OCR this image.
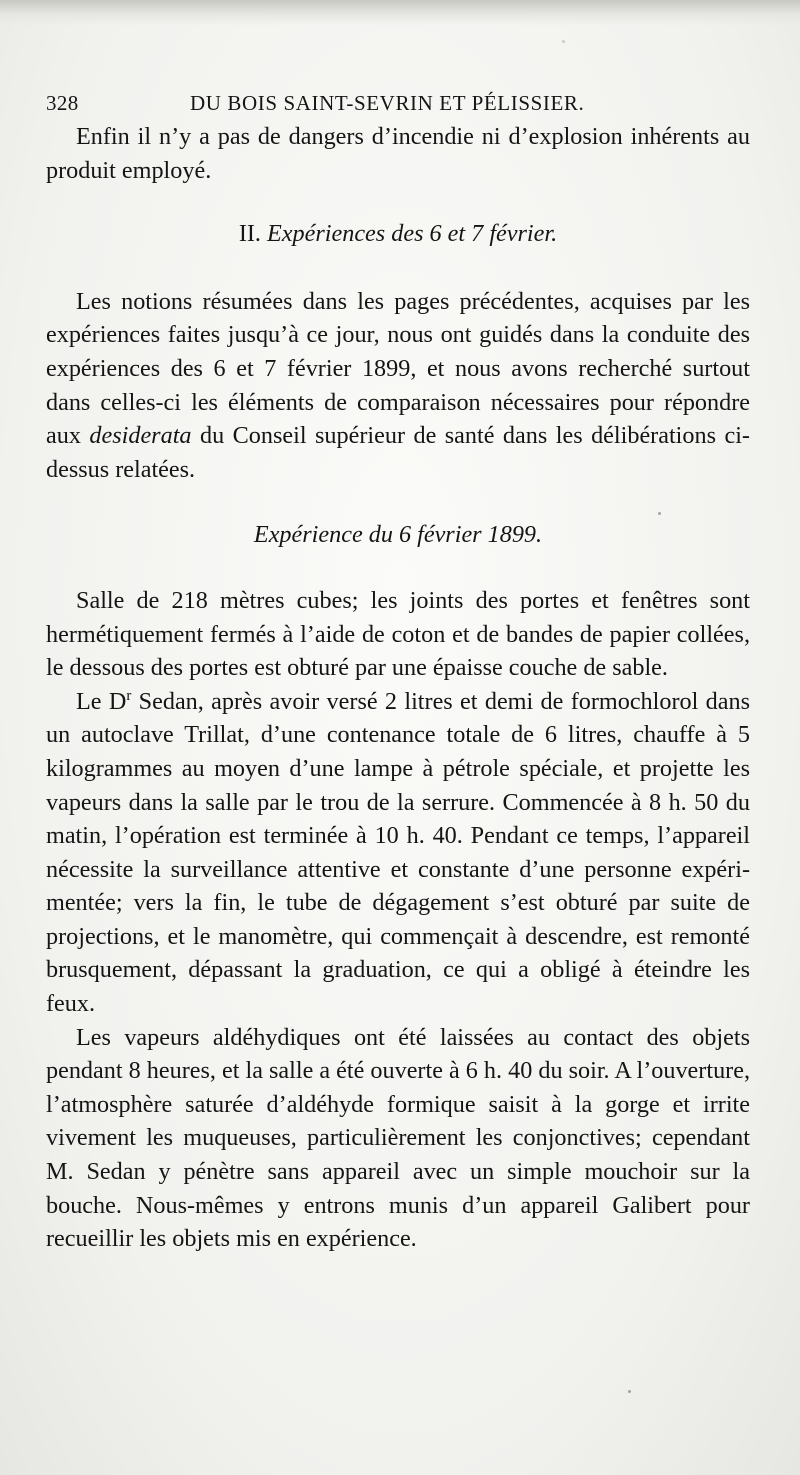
328	DU BOIS SAINT-SEVRIN ET PÉLISSIER.

Enfin il n’y a pas de dangers d’incendie ni d’explosion inhérents au produit employé.

II. Expériences des 6 et 7 février.

Les notions résumées dans les pages précédentes, acquises par les expériences faites jusqu’à ce jour, nous ont guidés dans la conduite des expériences des 6 et 7 février 1899, et nous avons recherché surtout dans celles-ci les éléments de comparaison nécessaires pour répondre aux desiderata du Conseil supérieur de santé dans les délibérations ci-dessus relatées.

Expérience du 6 février 1899.

Salle de 218 mètres cubes; les joints des portes et fenêtres sont hermétiquement fermés à l’aide de coton et de bandes de papier collées, le dessous des portes est obturé par une épaisse couche de sable.

Le $D^r$ Sedan, après avoir versé 2 litres et demi de formochlorol dans un autoclave Trillat, d’une contenance totale de 6 litres, chauffe à 5 kilogrammes au moyen d’une lampe à pétrole spéciale, et projette les vapeurs dans la salle par le trou de la serrure. Commencée à 8 h. 50 du matin, l’opération est terminée à 10 h. 40. Pendant ce temps, l’appareil nécessite la surveillance attentive et constante d’une personne expérimentée; vers la fin, le tube de dégagement s’est obturé par suite de projections, et le manomètre, qui commençait à descendre, est remonté brusquement, dépassant la graduation, ce qui a obligé à éteindre les feux.

Les vapeurs aldéhydiques ont été laissées au contact des objets pendant 8 heures, et la salle a été ouverte à 6 h. 40 du soir. A l’ouverture, l’atmosphère saturée d’aldéhyde formique saisit à la gorge et irrite vivement les muqueuses, particulièrement les conjonctives; cependant M. Sedan y pénètre sans appareil avec un simple mouchoir sur la bouche. Nous-mêmes y entrons munis d’un appareil Galibert pour recueillir les objets mis en expérience.
